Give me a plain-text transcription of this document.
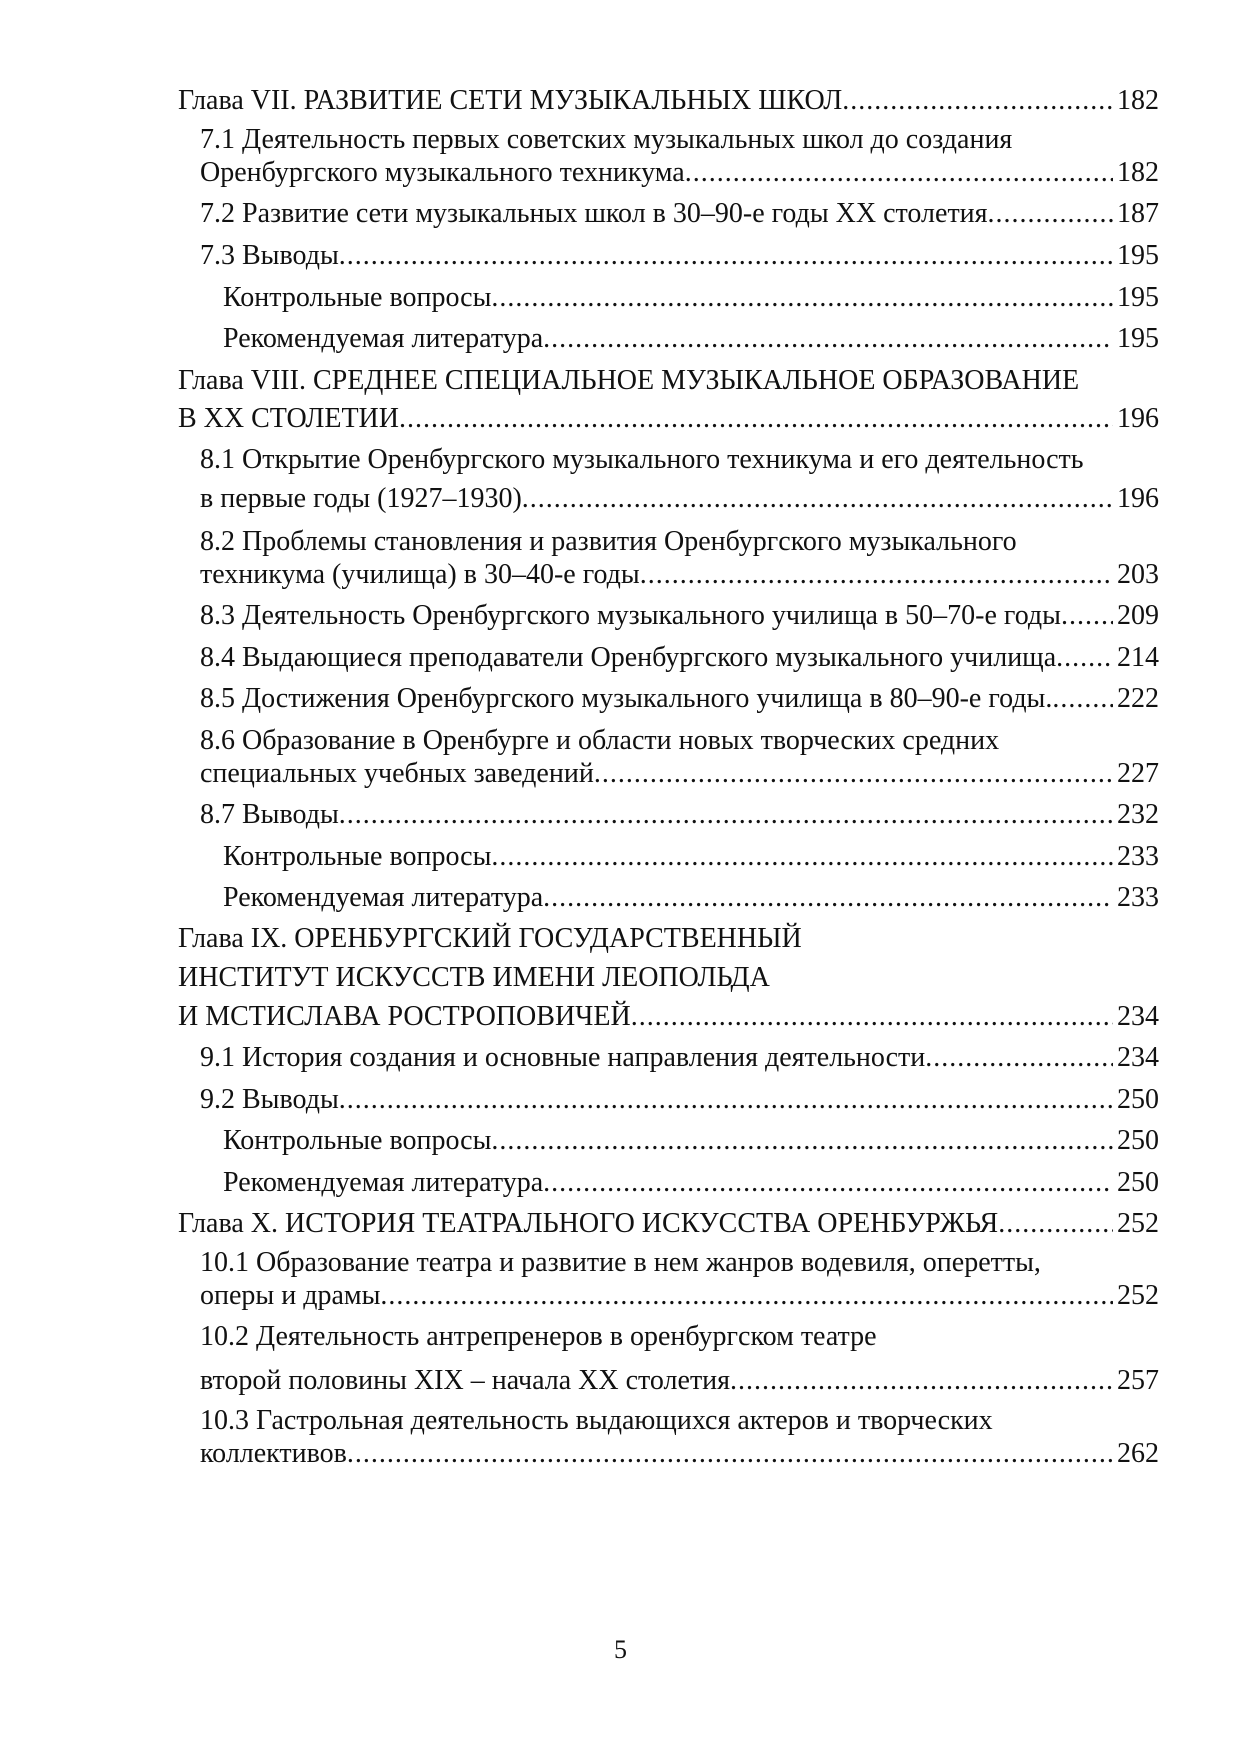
Глава VII. РАЗВИТИЕ СЕТИ МУЗЫКАЛЬНЫХ ШКОЛ .....	182
7.1 Деятельность первых советских музыкальных школ до создания
Оренбургского музыкального техникума .....	182
7.2 Развитие сети музыкальных школ в 30–90-е годы XX столетия .....	187
7.3 Выводы .....	195
Контрольные вопросы .....	195
Рекомендуемая литература .....	195
Глава VIII. СРЕДНЕЕ СПЕЦИАЛЬНОЕ МУЗЫКАЛЬНОЕ ОБРАЗОВАНИЕ
В XX СТОЛЕТИИ .....	196
8.1 Открытие Оренбургского музыкального техникума и его деятельность
в первые годы (1927–1930) .....	196
8.2 Проблемы становления и развития Оренбургского музыкального
техникума (училища) в 30–40-е годы .....	203
8.3 Деятельность Оренбургского музыкального училища в 50–70-е годы ..... 209
8.4 Выдающиеся преподаватели Оренбургского музыкального училища ..... 214
8.5 Достижения Оренбургского музыкального училища в 80–90-е годы. ..... 222
8.6 Образование в Оренбурге и области новых творческих средних
специальных учебных заведений .....	227
8.7 Выводы .....	232
Контрольные вопросы .....	233
Рекомендуемая литература .....	233
Глава IX. ОРЕНБУРГСКИЙ ГОСУДАРСТВЕННЫЙ
ИНСТИТУТ ИСКУССТВ ИМЕНИ ЛЕОПОЛЬДА
И МСТИСЛАВА РОСТРОПОВИЧЕЙ .....	234
9.1 История создания и основные направления деятельности .....	234
9.2 Выводы .....	250
Контрольные вопросы .....	250
Рекомендуемая литература .....	250
Глава X. ИСТОРИЯ ТЕАТРАЛЬНОГО ИСКУССТВА ОРЕНБУРЖЬЯ .....	252
10.1 Образование театра и развитие в нем жанров водевиля, оперетты,
оперы и драмы .....	252
10.2 Деятельность антрепренеров в оренбургском театре
второй половины XIX – начала XX столетия .....	257
10.3 Гастрольная деятельность выдающихся актеров и творческих
коллективов .....	262
5
